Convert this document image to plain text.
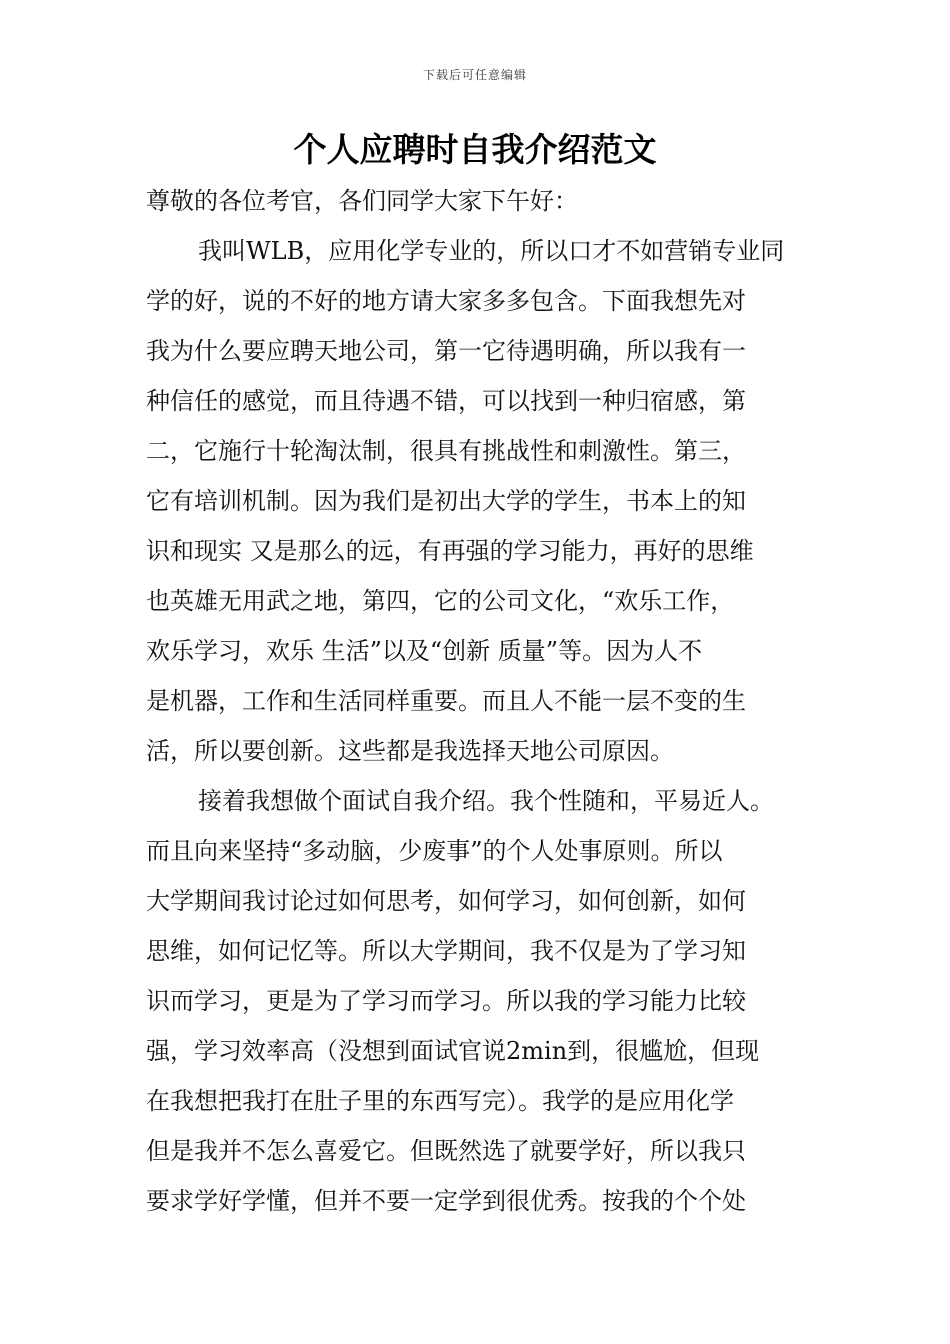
下载后可任意编辑
个人应聘时自我介绍范文
尊敬的各位考官，各们同学大家下午好：
我叫WLB，应用化学专业的，所以口才不如营销专业同
学的好，说的不好的地方请大家多多包含。下面我想先对
我为什么要应聘天地公司，第一它待遇明确，所以我有一
种信任的感觉，而且待遇不错，可以找到一种归宿感，第
二，它施行十轮淘汰制，很具有挑战性和刺激性。第三，
它有培训机制。因为我们是初出大学的学生，书本上的知
识和现实 又是那么的远，有再强的学习能力，再好的思维
也英雄无用武之地，第四，它的公司文化，“欢乐工作，
欢乐学习，欢乐 生活”以及“创新 质量”等。因为人不
是机器，工作和生活同样重要。而且人不能一层不变的生
活，所以要创新。这些都是我选择天地公司原因。
接着我想做个面试自我介绍。我个性随和，平易近人。
而且向来坚持“多动脑，少废事”的个人处事原则。所以
大学期间我讨论过如何思考，如何学习，如何创新，如何
思维，如何记忆等。所以大学期间，我不仅是为了学习知
识而学习，更是为了学习而学习。所以我的学习能力比较
强，学习效率高（没想到面试官说2min到，很尴尬，但现
在我想把我打在肚子里的东西写完）。我学的是应用化学
但是我并不怎么喜爱它。但既然选了就要学好，所以我只
要求学好学懂，但并不要一定学到很优秀。按我的个个处
